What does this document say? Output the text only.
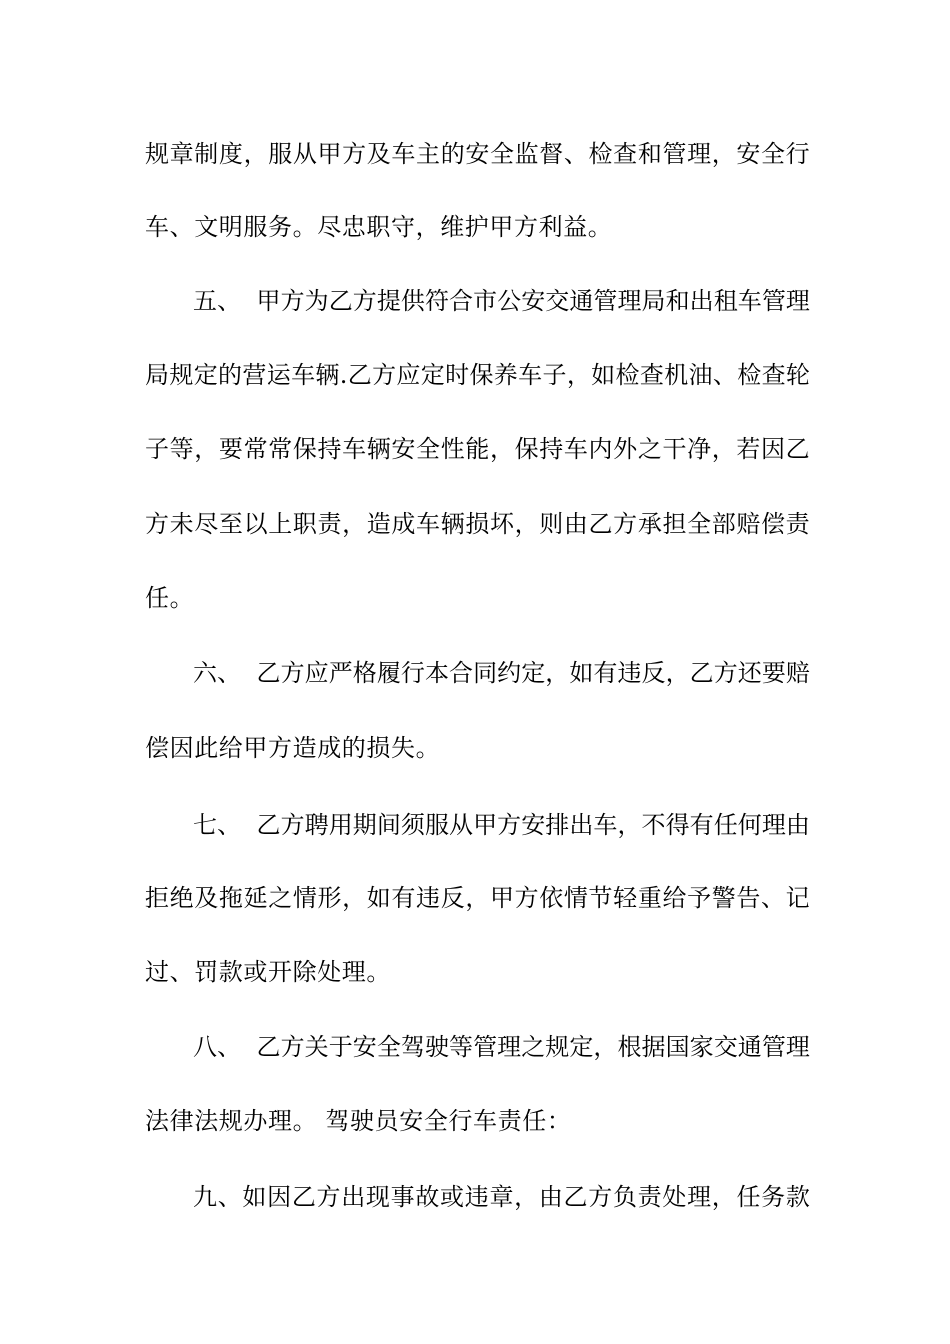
规 章 制 度 ， 服 从 甲 方 及 车 主 的 安 全 监 督 、 检 查 和 管 理 ， 安 全 行

车、文明服务。尽忠职守，维护甲方利益。

五 、

甲 方 为 乙 方 提 供 符 合 市 公 安 交 通 管 理 局 和 出 租 车 管 理

局 规 定 的 营 运 车 辆 . 乙 方 应 定 时 保 养 车 子 ， 如 检 查 机 油 、 检 查 轮

子 等 ， 要 常 常 保 持 车 辆 安 全 性 能 ， 保 持 车 内 外 之 干 净 ， 若 因 乙

方 未 尽 至 以 上 职 责 ， 造 成 车 辆 损 坏 ， 则 由 乙 方 承 担 全 部 赔 偿 责

任。

六 、

乙 方 应 严 格 履 行 本 合 同 约 定 ， 如 有 违 反 ， 乙 方 还 要 赔

偿因此给甲方造成的损失。

七 、

乙 方 聘 用 期 间 须 服 从 甲 方 安 排 出 车 ， 不 得 有 任 何 理 由

拒 绝 及 拖 延 之 情 形 ， 如 有 违 反 ， 甲 方 依 情 节 轻 重 给 予 警 告 、 记

过、罚款或开除处理。

八 、

乙 方 关 于 安 全 驾 驶 等 管 理 之 规 定 ， 根 据 国 家 交 通 管 理

法律法规办理。 驾驶员安全行车责任：

九 、 如 因 乙 方 出 现 事 故 或 违 章 ， 由 乙 方 负 责 处 理 ， 任 务 款
